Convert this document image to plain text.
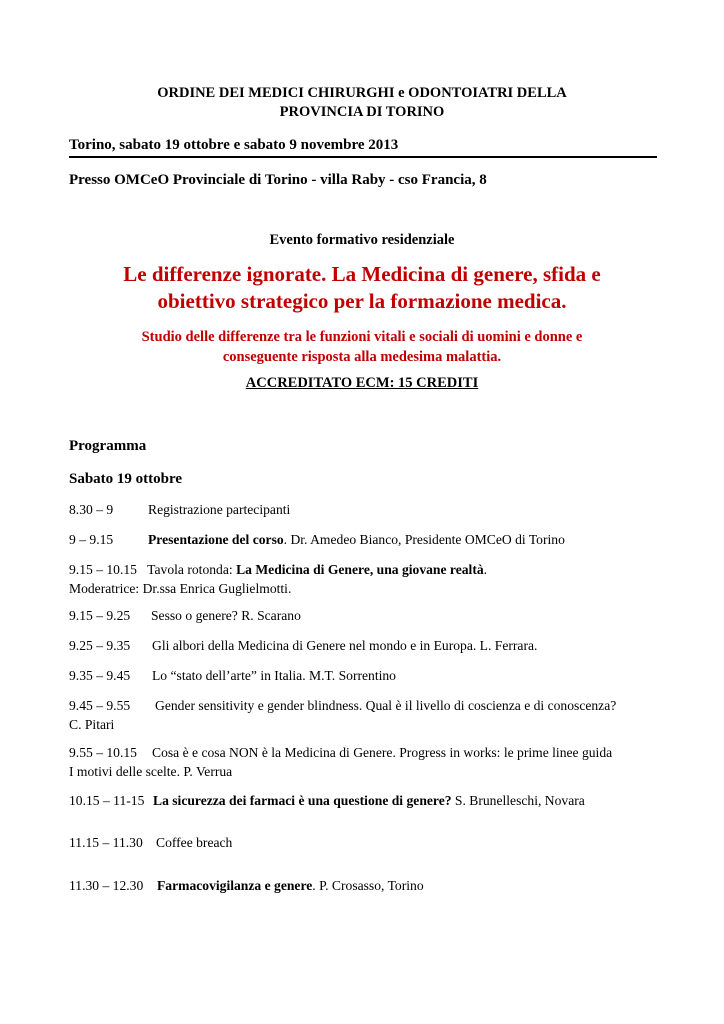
ORDINE DEI MEDICI CHIRURGHI e ODONTOIATRI DELLA
PROVINCIA DI TORINO
Torino, sabato 19 ottobre e sabato 9 novembre 2013
Presso OMCeO Provinciale di Torino - villa Raby - cso Francia, 8
Evento formativo residenziale
Le differenze ignorate. La Medicina di genere, sfida e
obiettivo strategico per la formazione medica.
Studio delle differenze tra le funzioni vitali e sociali di uomini e donne e
conseguente risposta alla medesima malattia.
ACCREDITATO ECM: 15 CREDITI
Programma
Sabato 19 ottobre
8.30 – 9	Registrazione partecipanti
9 – 9.15	Presentazione del corso. Dr. Amedeo Bianco, Presidente OMCeO di Torino
9.15 – 10.15 Tavola rotonda: La Medicina di Genere, una giovane realtà.
Moderatrice: Dr.ssa Enrica Guglielmotti.
9.15 – 9.25 Sesso o genere? R. Scarano
9.25 – 9.35 Gli albori della Medicina di Genere nel mondo e in Europa. L. Ferrara.
9.35 – 9.45 Lo “stato dell’arte” in Italia. M.T. Sorrentino
9.45 – 9.55 Gender sensitivity e gender blindness. Qual è il livello di coscienza e di conoscenza?
C. Pitari
9.55 – 10.15 Cosa è e cosa NON è la Medicina di Genere. Progress in works: le prime linee guida
I motivi delle scelte. P. Verrua
10.15 – 11-15 La sicurezza dei farmaci è una questione di genere? S. Brunelleschi, Novara
11.15 – 11.30 Coffee breach
11.30 – 12.30 Farmacovigilanza e genere. P. Crosasso, Torino
